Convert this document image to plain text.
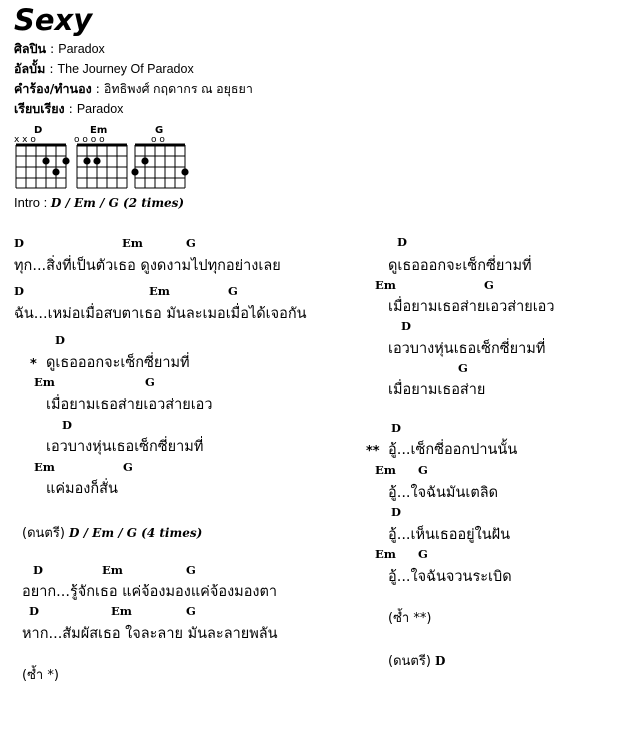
Sexy
ศิลปิน : Paradox
อัลบั้ม : The Journey Of Paradox
คำร้อง/ทำนอง : อิทธิพงศ์ กฤดากร ณ อยุธยา
เรียบเรียง : Paradox
D
x x o
Em
o o o o
G
o o
Intro : D / Em / G (2 times)
D	Em	G
ทุก...สิ่งที่เป็นตัวเธอ ดูงดงามไปทุกอย่างเลย
D	Em	G
ฉัน...เหม่อเมื่อสบตาเธอ มันละเมอเมื่อได้เจอกัน
D
* ดูเธอออกจะเซ็กซี่ยามที่
Em	G
เมื่อยามเธอส่ายเอวส่ายเอว
D
เอวบางหุ่นเธอเซ็กซี่ยามที่
Em	G
แค่มองก็สั่น
(ดนตรี) D / Em / G (4 times)
D	Em	G
อยาก...รู้จักเธอ แค่จ้องมองแค่จ้องมองตา
D	Em	G
หาก...สัมผัสเธอ ใจละลาย มันละลายพลัน
(ซ้ำ *)
D
ดูเธอออกจะเซ็กซี่ยามที่
Em	G
เมื่อยามเธอส่ายเอวส่ายเอว
D
เอวบางหุ่นเธอเซ็กซี่ยามที่
G
เมื่อยามเธอส่าย
D
** อู้...เซ็กซี่ออกปานนั้น
Em G
อู้...ใจฉันมันเตลิด
D
อู้...เห็นเธออยู่ในฝัน
Em G
อู้...ใจฉันจวนระเบิด
(ซ้ำ **)
(ดนตรี) D
